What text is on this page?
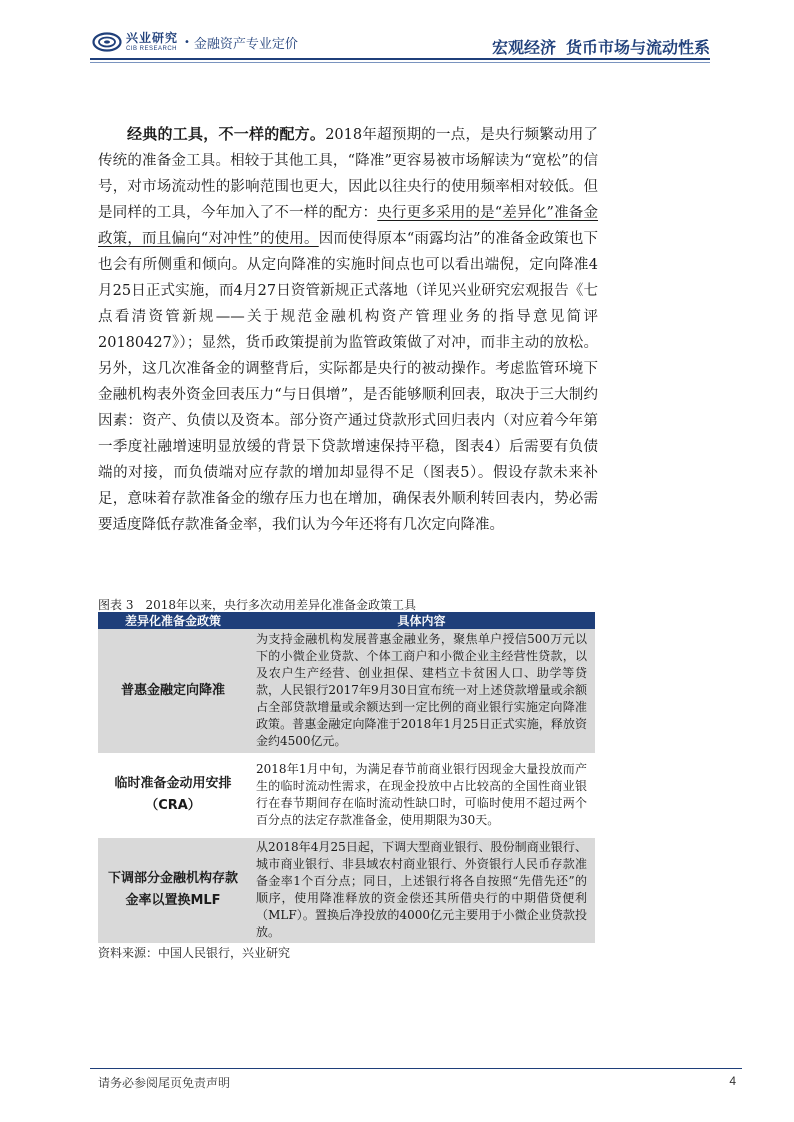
兴业研究
CIB RESEARCH
• 金融资产专业定价	宏观经济 货币市场与流动性系
经典的工具，不一样的配方。2018年超预期的一点，是央行频繁动用了传统的准备金工具。相较于其他工具，“降准”更容易被市场解读为“宽松”的信号，对市场流动性的影响范围也更大，因此以往央行的使用频率相对较低。但是同样的工具，今年加入了不一样的配方：央行更多采用的是“差异化”准备金政策，而且偏向“对冲性”的使用。因而使得原本“雨露均沾”的准备金政策也下也会有所侧重和倾向。从定向降准的实施时间点也可以看出端倪，定向降准4月25日正式实施，而4月27日资管新规正式落地（详见兴业研究宏观报告《七点看清资管新规——关于规范金融机构资产管理业务的指导意见简评 20180427》）；显然，货币政策提前为监管政策做了对冲，而非主动的放松。另外，这几次准备金的调整背后，实际都是央行的被动操作。考虑监管环境下金融机构表外资金回表压力“与日俱增”，是否能够顺利回表，取决于三大制约因素：资产、负债以及资本。部分资产通过贷款形式回归表内（对应着今年第一季度社融增速明显放缓的背景下贷款增速保持平稳，图表4）后需要有负债端的对接，而负债端对应存款的增加却显得不足（图表5）。假设存款未来补足，意味着存款准备金的缴存压力也在增加，确保表外顺利转回表内，势必需要适度降低存款准备金率，我们认为今年还将有几次定向降准。
图表 3 2018年以来，央行多次动用差异化准备金政策工具
差异化准备金政策	具体内容
普惠金融定向降准	为支持金融机构发展普惠金融业务，聚焦单户授信500万元以下的小微企业贷款、个体工商户和小微企业主经营性贷款，以及农户生产经营、创业担保、建档立卡贫困人口、助学等贷款，人民银行2017年9月30日宣布统一对上述贷款增量或余额占全部贷款增量或余额达到一定比例的商业银行实施定向降准政策。普惠金融定向降准于2018年1月25日正式实施，释放资金约4500亿元。
临时准备金动用安排（CRA）	2018年1月中旬，为满足春节前商业银行因现金大量投放而产生的临时流动性需求，在现金投放中占比较高的全国性商业银行在春节期间存在临时流动性缺口时，可临时使用不超过两个百分点的法定存款准备金，使用期限为30天。
下调部分金融机构存款金率以置换MLF	从2018年4月25日起，下调大型商业银行、股份制商业银行、城市商业银行、非县域农村商业银行、外资银行人民币存款准备金率1个百分点；同日，上述银行将各自按照“先借先还”的顺序，使用降准释放的资金偿还其所借央行的中期借贷便利（MLF）。置换后净投放的4000亿元主要用于小微企业贷款投放。
资料来源：中国人民银行，兴业研究
请务必参阅尾页免责声明	4
